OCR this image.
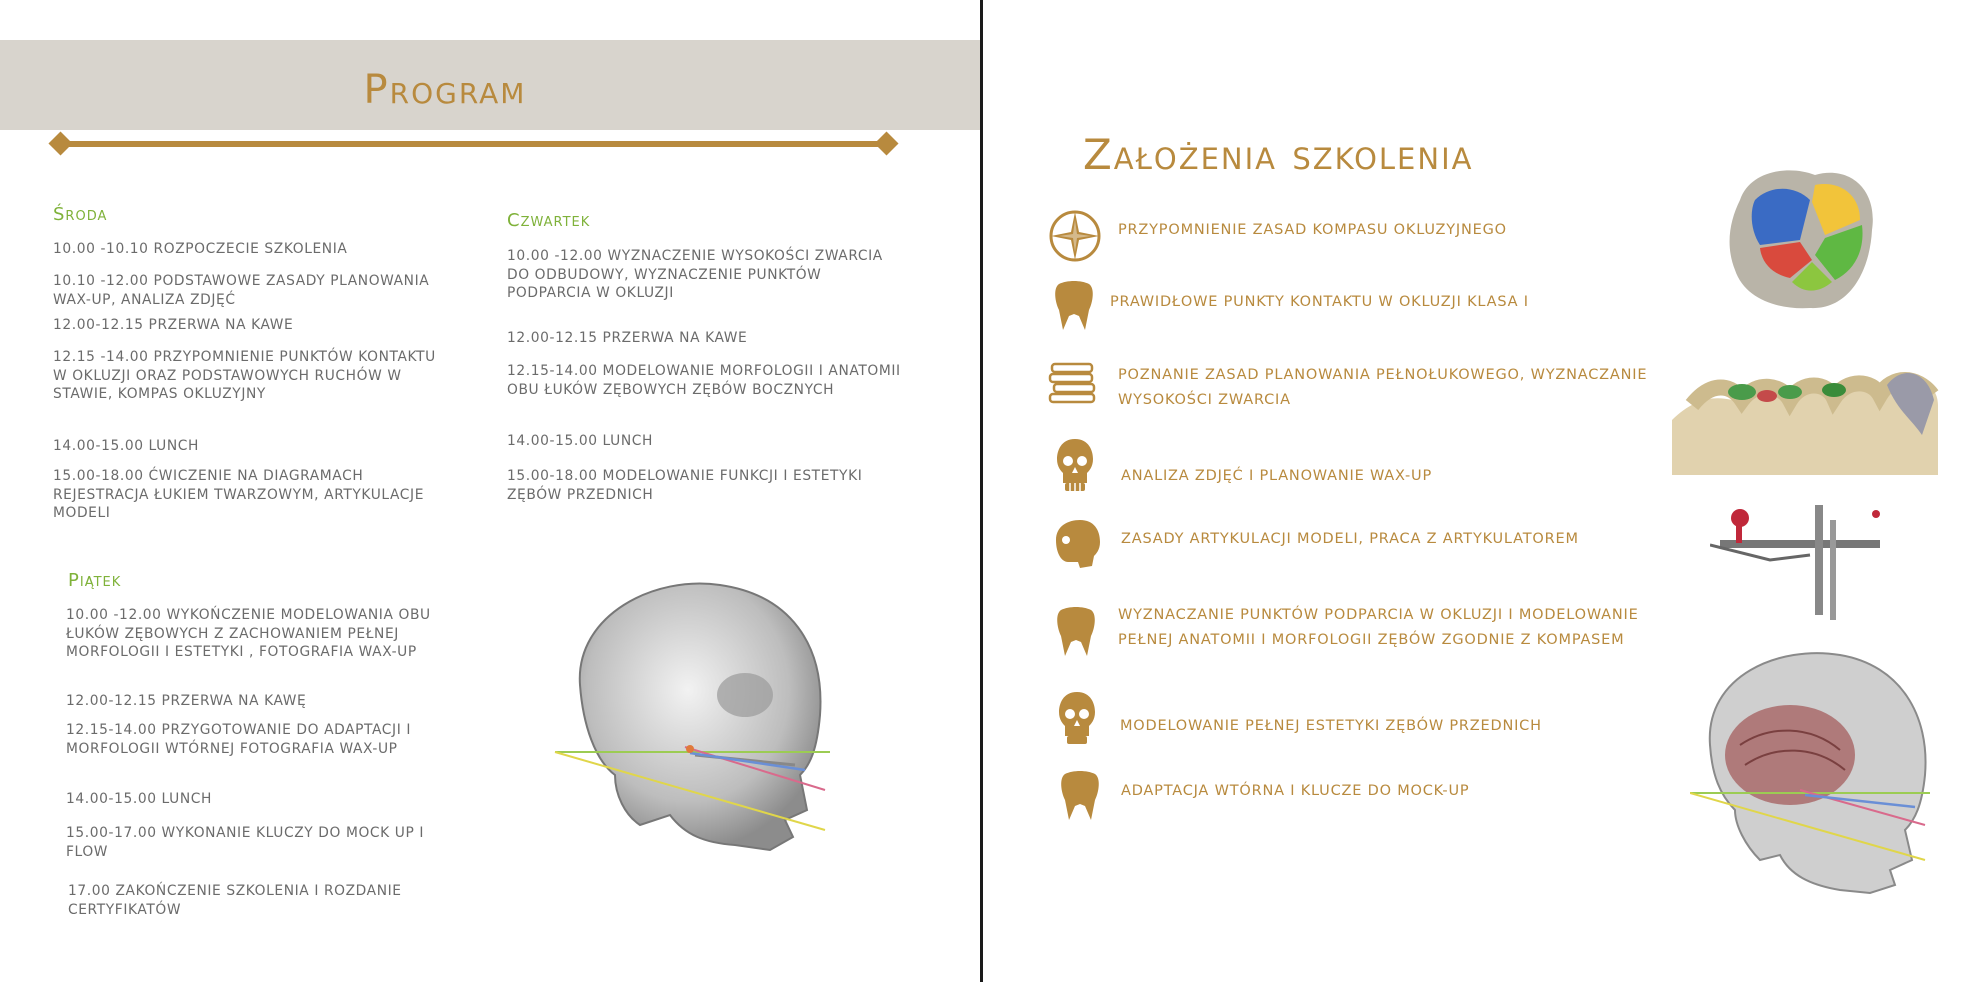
Program
Środa
10.00 -10.10 ROZPOCZECIE SZKOLENIA
10.10 -12.00 PODSTAWOWE ZASADY PLANOWANIA WAX-UP, ANALIZA ZDJĘĆ
12.00-12.15 PRZERWA NA KAWE
12.15 -14.00 PRZYPOMNIENIE PUNKTÓW KONTAKTU W OKLUZJI ORAZ PODSTAWOWYCH RUCHÓW W STAWIE, KOMPAS OKLUZYJNY
14.00-15.00 LUNCH
15.00-18.00 ĆWICZENIE NA DIAGRAMACH REJESTRACJA ŁUKIEM TWARZOWYM, ARTYKULACJE MODELI
Czwartek
10.00 -12.00 WYZNACZENIE WYSOKOŚCI ZWARCIA DO ODBUDOWY, WYZNACZENIE PUNKTÓW PODPARCIA W OKLUZJI
12.00-12.15 PRZERWA NA KAWE
12.15-14.00 MODELOWANIE MORFOLOGII I ANATOMII OBU ŁUKÓW ZĘBOWYCH ZĘBÓW BOCZNYCH
14.00-15.00 LUNCH
15.00-18.00 MODELOWANIE FUNKCJI I ESTETYKI ZĘBÓW PRZEDNICH
Piątek
10.00 -12.00 WYKOŃCZENIE MODELOWANIA OBU ŁUKÓW ZĘBOWYCH Z ZACHOWANIEM PEŁNEJ MORFOLOGII I ESTETYKI , FOTOGRAFIA WAX-UP
12.00-12.15 PRZERWA NA KAWĘ
12.15-14.00 PRZYGOTOWANIE DO ADAPTACJI I MORFOLOGII WTÓRNEJ FOTOGRAFIA WAX-UP
14.00-15.00 LUNCH
15.00-17.00 WYKONANIE KLUCZY DO MOCK UP I FLOW
17.00 ZAKOŃCZENIE SZKOLENIA I ROZDANIE CERTYFIKATÓW
Założenia szkolenia
PRZYPOMNIENIE ZASAD KOMPASU OKLUZYJNEGO
PRAWIDŁOWE PUNKTY KONTAKTU W OKLUZJI KLASA I
POZNANIE ZASAD PLANOWANIA PEŁNOŁUKOWEGO, WYZNACZANIE WYSOKOŚCI ZWARCIA
ANALIZA ZDJĘĆ I PLANOWANIE WAX-UP
ZASADY ARTYKULACJI MODELI, PRACA Z ARTYKULATOREM
WYZNACZANIE PUNKTÓW PODPARCIA W OKLUZJI I MODELOWANIE PEŁNEJ ANATOMII I MORFOLOGII ZĘBÓW ZGODNIE Z KOMPASEM
MODELOWANIE PEŁNEJ ESTETYKI ZĘBÓW PRZEDNICH
ADAPTACJA WTÓRNA I KLUCZE DO MOCK-UP
